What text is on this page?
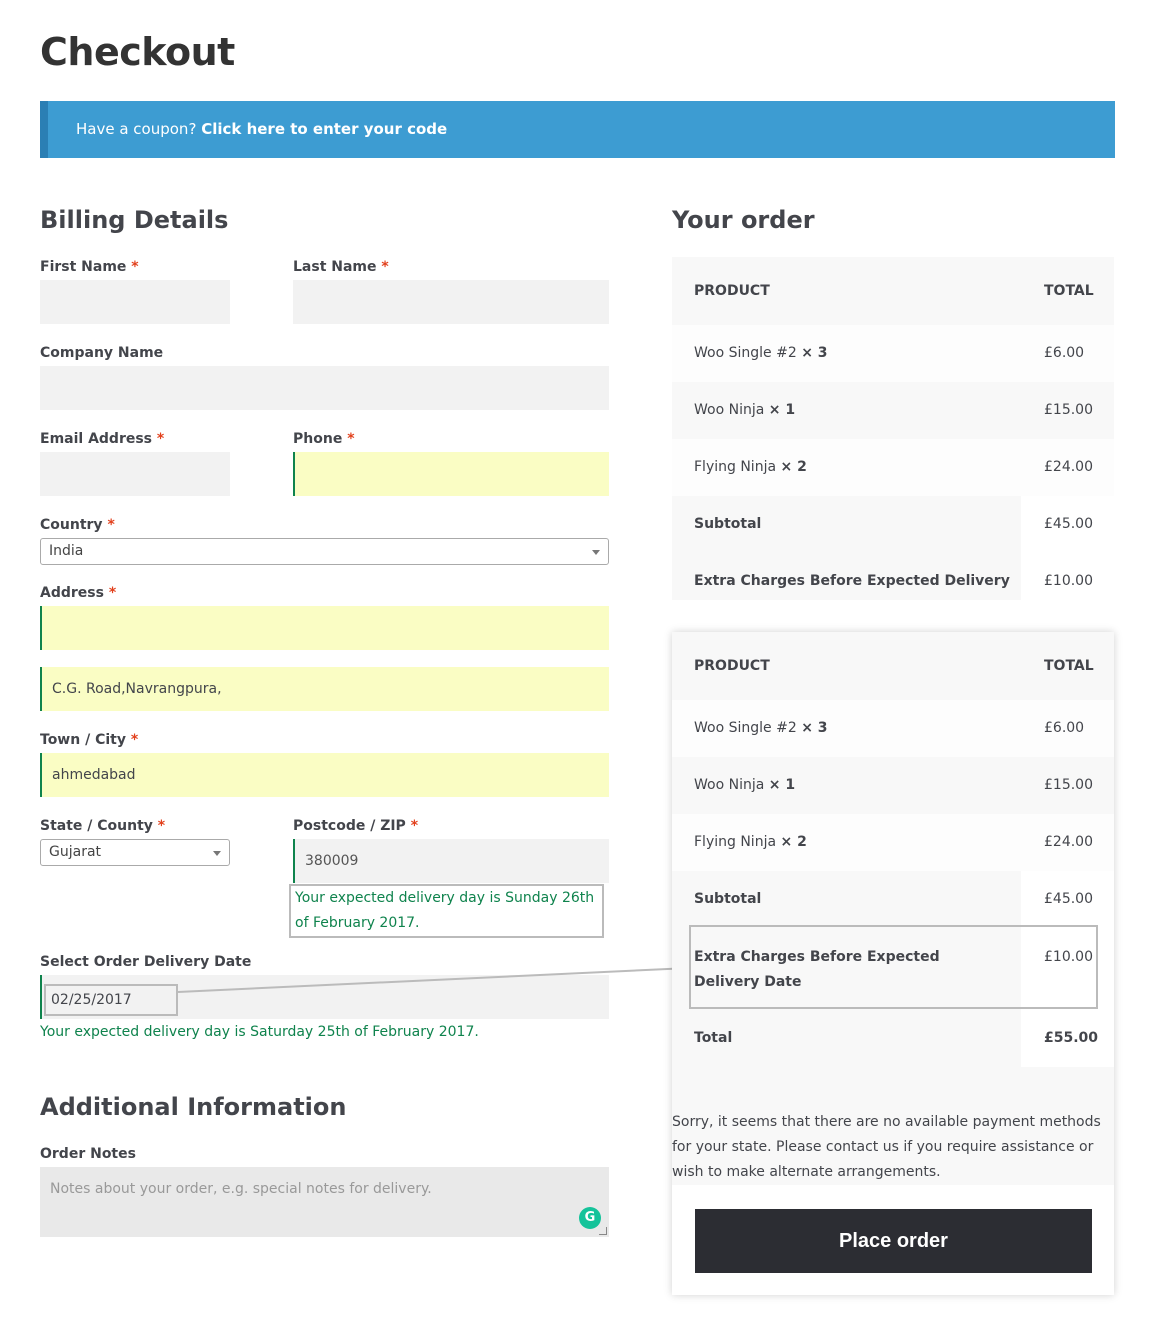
Checkout
Have a coupon? Click here to enter your code
Billing Details
First Name *	Last Name *
Company Name
Email Address *	Phone *
Country *
India
Address *
C.G. Road,Navrangpura,
Town / City *
ahmedabad
State / County *
Gujarat
Postcode / ZIP *
380009
Your expected delivery day is Sunday 26th of February 2017.
Select Order Delivery Date
02/25/2017
Your expected delivery day is Saturday 25th of February 2017.
Additional Information
Order Notes
Notes about your order, e.g. special notes for delivery.
G
Your order
PRODUCT	TOTAL
Woo Single #2 × 3	£6.00
Woo Ninja × 1	£15.00
Flying Ninja × 2	£24.00
Subtotal	£45.00
Extra Charges Before Expected Delivery £10.00
PRODUCT	TOTAL
Woo Single #2 × 3	£6.00
Woo Ninja × 1	£15.00
Flying Ninja × 2	£24.00
Subtotal	£45.00
Extra Charges Before Expected Delivery Date
£10.00
Total	£55.00
Sorry, it seems that there are no available payment methods for your state. Please contact us if you require assistance or wish to make alternate arrangements.
Place order
